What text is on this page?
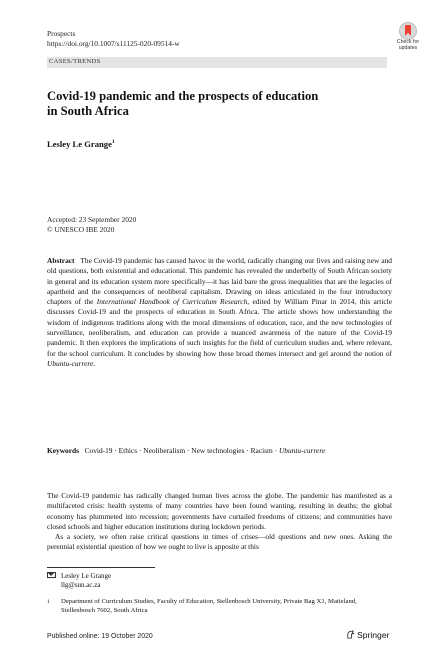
Prospects
https://doi.org/10.1007/s11125-020-09514-w	Check for updates
CASES/TRENDS
Covid-19 pandemic and the prospects of education
in South Africa
Lesley Le Grange$^1$
Accepted: 23 September 2020
© UNESCO IBE 2020
Abstract The Covid-19 pandemic has caused havoc in the world, radically changing our lives and raising new and old questions, both existential and educational. This pandemic has revealed the underbelly of South African society in general and its education system more specifically—it has laid bare the gross inequalities that are the legacies of apartheid and the consequences of neoliberal capitalism. Drawing on ideas articulated in the four introductory chapters of the International Handbook of Curriculum Research, edited by William Pinar in 2014, this article discusses Covid-19 and the prospects of education in South Africa. The article shows how understanding the wisdom of indigenous traditions along with the moral dimensions of education, race, and the new technologies of surveillance, neoliberalism, and education can provide a nuanced awareness of the nature of the Covid-19 pandemic. It then explores the implications of such insights for the field of curriculum studies and, where relevant, for the school curriculum. It concludes by showing how these broad themes intersect and gel around the notion of Ubuntu-currere.
Keywords Covid-19 · Ethics · Neoliberalism · New technologies · Racism · Ubuntu-currere

The Covid-19 pandemic has radically changed human lives across the globe. The pandemic has manifested as a multifaceted crisis: health systems of many countries have been found wanting, resulting in deaths; the global economy has plummeted into recession; governments have curtailed freedoms of citizens; and communities have closed schools and higher education institutions during lockdown periods.

As a society, we often raise critical questions in times of crises—old questions and new ones. Asking the perennial existential question of how we ought to live is apposite at this

Lesley Le Grange
llg@sun.ac.za
1	Department of Curriculum Studies, Faculty of Education, Stellenbosch University, Private Bag X1, Matieland, Stellenbosch 7602, South Africa
Published online: 19 October 2020	Springer
